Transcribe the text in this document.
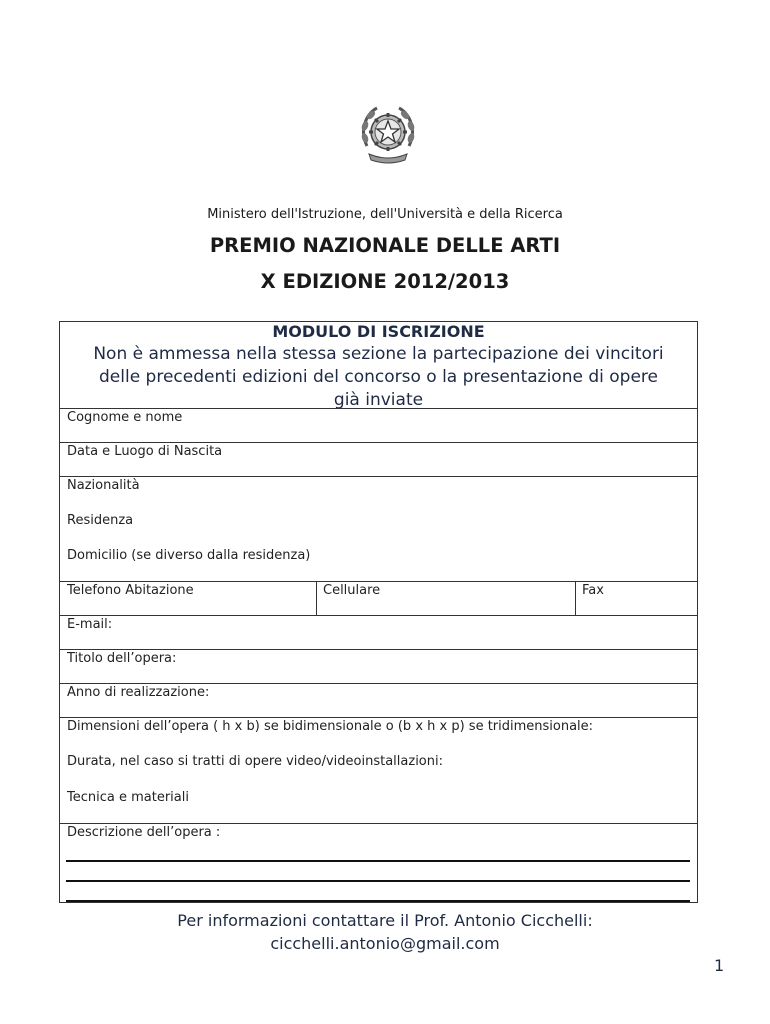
Ministero dell'Istruzione, dell'Università e della Ricerca
PREMIO NAZIONALE DELLE ARTI
X EDIZIONE 2012/2013
MODULO DI ISCRIZIONE
Non è ammessa nella stessa sezione la partecipazione dei vincitori
delle precedenti edizioni del concorso o la presentazione di opere
già inviate
Cognome e nome
Data e Luogo di Nascita
Nazionalità
Residenza
Domicilio (se diverso dalla residenza)
Telefono Abitazione	Cellulare	Fax
E-mail:
Titolo dell’opera:
Anno di realizzazione:
Dimensioni dell’opera ( h x b) se bidimensionale o (b x h x p) se tridimensionale:
Durata, nel caso si tratti di opere video/videoinstallazioni:
Tecnica e materiali
Descrizione dell’opera :
Per informazioni contattare il Prof. Antonio Cicchelli:
cicchelli.antonio@gmail.com
1
